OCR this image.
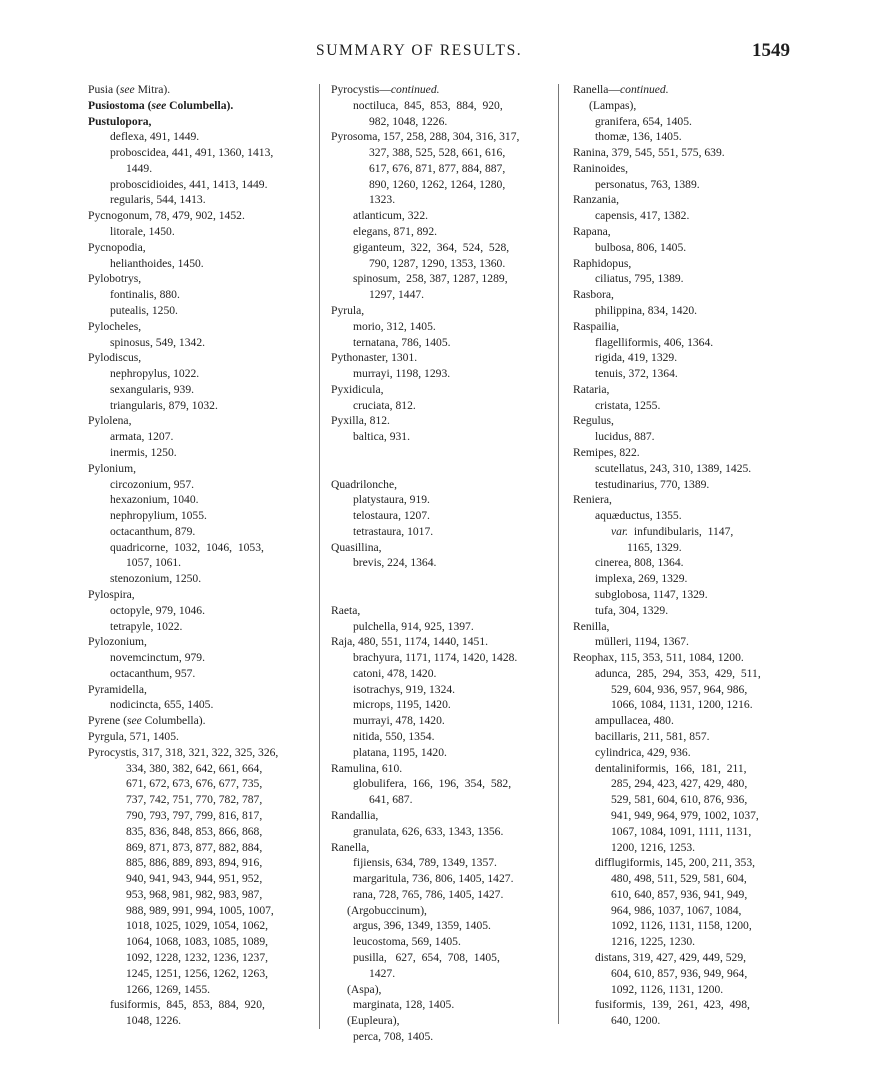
SUMMARY OF RESULTS.	1549
Pusia (see Mitra).
Pusiostoma (see Columbella).
Pustulopora,
deflexa, 491, 1449.
proboscidea, 441, 491, 1360, 1413,
1449.
proboscidioides, 441, 1413, 1449.
regularis, 544, 1413.
Pycnogonum, 78, 479, 902, 1452.
litorale, 1450.
Pycnopodia,
helianthoides, 1450.
Pylobotrys,
fontinalis, 880.
putealis, 1250.
Pylocheles,
spinosus, 549, 1342.
Pylodiscus,
nephropylus, 1022.
sexangularis, 939.
triangularis, 879, 1032.
Pylolena,
armata, 1207.
inermis, 1250.
Pylonium,
circozonium, 957.
hexazonium, 1040.
nephropylium, 1055.
octacanthum, 879.
quadricorne,  1032,  1046,  1053,
1057, 1061.
stenozonium, 1250.
Pylospira,
octopyle, 979, 1046.
tetrapyle, 1022.
Pylozonium,
novemcinctum, 979.
octacanthum, 957.
Pyramidella,
nodicincta, 655, 1405.
Pyrene (see Columbella).
Pyrgula, 571, 1405.
Pyrocystis, 317, 318, 321, 322, 325, 326,
334, 380, 382, 642, 661, 664,
671, 672, 673, 676, 677, 735,
737, 742, 751, 770, 782, 787,
790, 793, 797, 799, 816, 817,
835, 836, 848, 853, 866, 868,
869, 871, 873, 877, 882, 884,
885, 886, 889, 893, 894, 916,
940, 941, 943, 944, 951, 952,
953, 968, 981, 982, 983, 987,
988, 989, 991, 994, 1005, 1007,
1018, 1025, 1029, 1054, 1062,
1064, 1068, 1083, 1085, 1089,
1092, 1228, 1232, 1236, 1237,
1245, 1251, 1256, 1262, 1263,
1266, 1269, 1455.
fusiformis,  845,  853,  884,  920,
1048, 1226.
Pyrocystis—continued.
noctiluca,  845,  853,  884,  920,
982, 1048, 1226.
Pyrosoma, 157, 258, 288, 304, 316, 317,
327, 388, 525, 528, 661, 616,
617, 676, 871, 877, 884, 887,
890, 1260, 1262, 1264, 1280,
1323.
atlanticum, 322.
elegans, 871, 892.
giganteum,  322,  364,  524,  528,
790, 1287, 1290, 1353, 1360.
spinosum,  258, 387, 1287, 1289,
1297, 1447.
Pyrula,
morio, 312, 1405.
ternatana, 786, 1405.
Pythonaster, 1301.
murrayi, 1198, 1293.
Pyxidicula,
cruciata, 812.
Pyxilla, 812.
baltica, 931.

Quadrilonche,
platystaura, 919.
telostaura, 1207.
tetrastaura, 1017.
Quasillina,
brevis, 224, 1364.

Raeta,
pulchella, 914, 925, 1397.
Raja, 480, 551, 1174, 1440, 1451.
brachyura, 1171, 1174, 1420, 1428.
catoni, 478, 1420.
isotrachys, 919, 1324.
microps, 1195, 1420.
murrayi, 478, 1420.
nitida, 550, 1354.
platana, 1195, 1420.
Ramulina, 610.
globulifera,  166,  196,  354,  582,
641, 687.
Randallia,
granulata, 626, 633, 1343, 1356.
Ranella,
fijiensis, 634, 789, 1349, 1357.
margaritula, 736, 806, 1405, 1427.
rana, 728, 765, 786, 1405, 1427.
(Argobuccinum),
argus, 396, 1349, 1359, 1405.
leucostoma, 569, 1405.
pusilla,   627,  654,  708,  1405,
1427.
(Aspa),
marginata, 128, 1405.
(Eupleura),
perca, 708, 1405.
Ranella—continued.
(Lampas),
granifera, 654, 1405.
thomæ, 136, 1405.
Ranina, 379, 545, 551, 575, 639.
Raninoides,
personatus, 763, 1389.
Ranzania,
capensis, 417, 1382.
Rapana,
bulbosa, 806, 1405.
Raphidopus,
ciliatus, 795, 1389.
Rasbora,
philippina, 834, 1420.
Raspailia,
flagelliformis, 406, 1364.
rigida, 419, 1329.
tenuis, 372, 1364.
Rataria,
cristata, 1255.
Regulus,
lucidus, 887.
Remipes, 822.
scutellatus, 243, 310, 1389, 1425.
testudinarius, 770, 1389.
Reniera,
aquæductus, 1355.
var.  infundibularis,  1147,
1165, 1329.
cinerea, 808, 1364.
implexa, 269, 1329.
subglobosa, 1147, 1329.
tufa, 304, 1329.
Renilla,
mülleri, 1194, 1367.
Reophax, 115, 353, 511, 1084, 1200.
adunca,  285,  294,  353,  429,  511,
529, 604, 936, 957, 964, 986,
1066, 1084, 1131, 1200, 1216.
ampullacea, 480.
bacillaris, 211, 581, 857.
cylindrica, 429, 936.
dentaliniformis,  166,  181,  211,
285, 294, 423, 427, 429, 480,
529, 581, 604, 610, 876, 936,
941, 949, 964, 979, 1002, 1037,
1067, 1084, 1091, 1111, 1131,
1200, 1216, 1253.
difflugiformis, 145, 200, 211, 353,
480, 498, 511, 529, 581, 604,
610, 640, 857, 936, 941, 949,
964, 986, 1037, 1067, 1084,
1092, 1126, 1131, 1158, 1200,
1216, 1225, 1230.
distans, 319, 427, 429, 449, 529,
604, 610, 857, 936, 949, 964,
1092, 1126, 1131, 1200.
fusiformis,  139,  261,  423,  498,
640, 1200.
